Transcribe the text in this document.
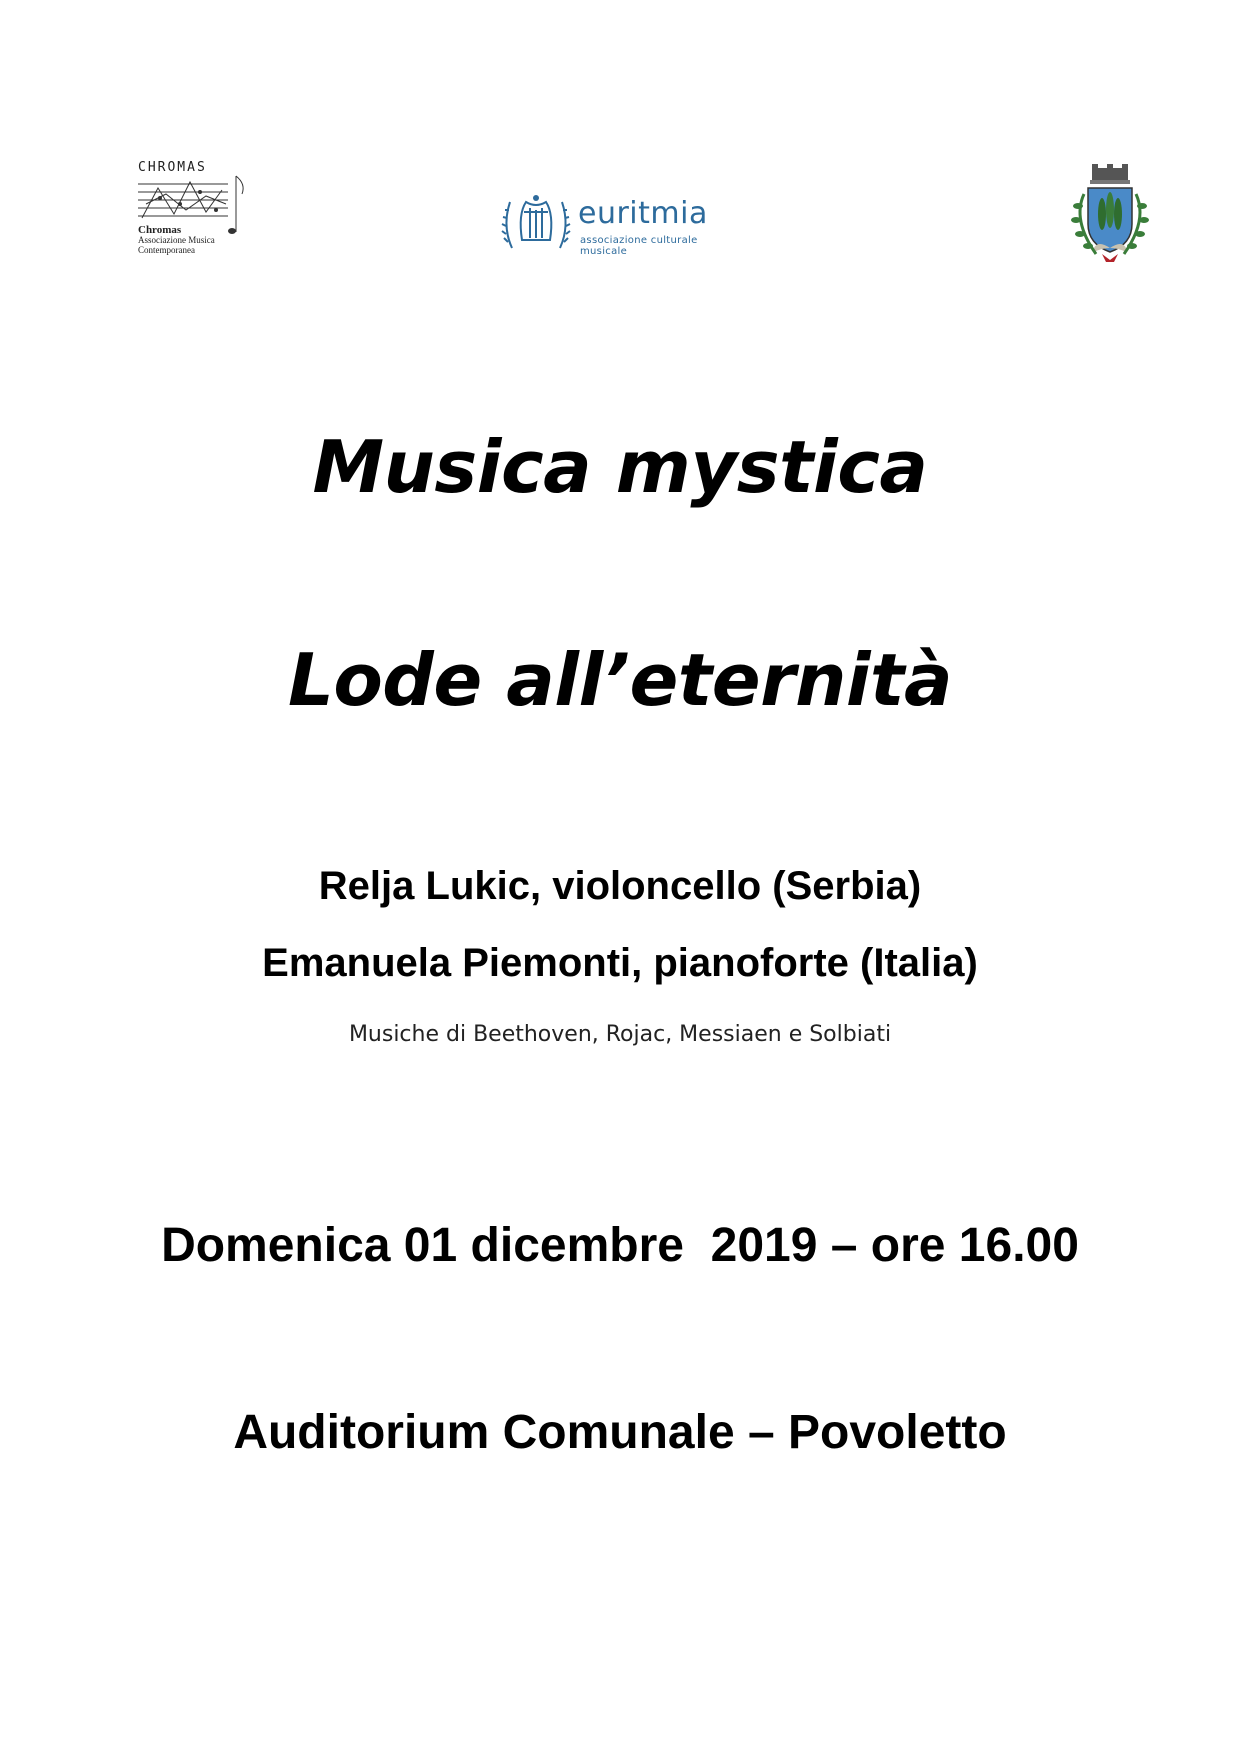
CHROMAS
Chromas
Associazione Musica
Contemporanea
euritmia
associazione culturale musicale
Musica mystica
Lode all’eternità
Relja Lukic, violoncello (Serbia)
Emanuela Piemonti, pianoforte (Italia)
Musiche di Beethoven, Rojac, Messiaen e Solbiati
Domenica 01 dicembre  2019 – ore 16.00
Auditorium Comunale – Povoletto
